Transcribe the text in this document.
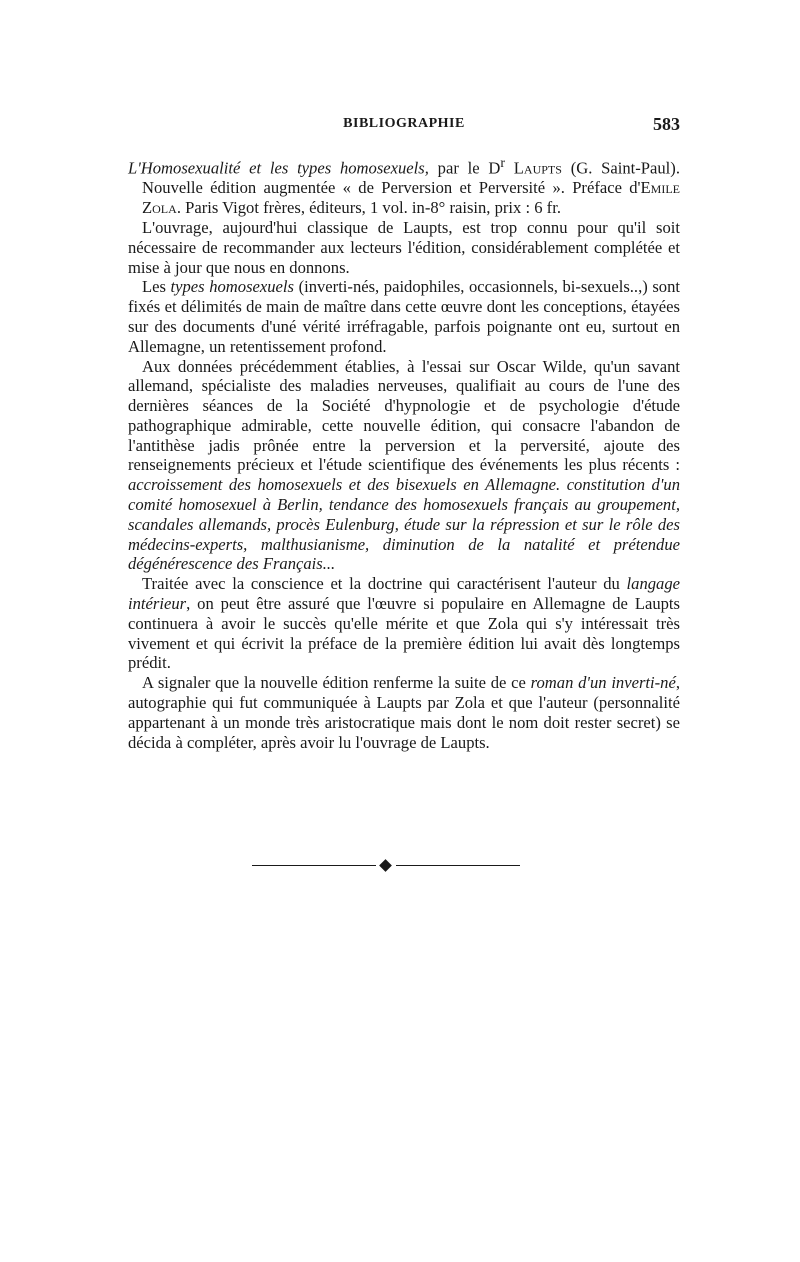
BIBLIOGRAPHIE	583

L'Homosexualité et les types homosexuels, par le $D^r$ Laupts (G. Saint-Paul). Nouvelle édition augmentée « de Perversion et Perversité ». Préface d'Emile Zola. Paris Vigot frères, éditeurs, 1 vol. in-8° raisin, prix : 6 fr.

L'ouvrage, aujourd'hui classique de Laupts, est trop connu pour qu'il soit nécessaire de recommander aux lecteurs l'édition, considérablement complétée et mise à jour que nous en donnons.

Les types homosexuels (inverti-nés, paidophiles, occasionnels, bi-sexuels..,) sont fixés et délimités de main de maître dans cette œuvre dont les conceptions, étayées sur des documents d'uné vérité irréfragable, parfois poignante ont eu, surtout en Allemagne, un retentissement profond.

Aux données précédemment établies, à l'essai sur Oscar Wilde, qu'un savant allemand, spécialiste des maladies nerveuses, qualifiait au cours de l'une des dernières séances de la Société d'hypnologie et de psychologie d'étude pathographique admirable, cette nouvelle édition, qui consacre l'abandon de l'antithèse jadis prônée entre la perversion et la perversité, ajoute des renseignements précieux et l'étude scientifique des événements les plus récents : accroissement des homosexuels et des bisexuels en Allemagne. constitution d'un comité homosexuel à Berlin, tendance des homosexuels français au groupement, scandales allemands, procès Eulenburg, étude sur la répression et sur le rôle des médecins-experts, malthusianisme, diminution de la natalité et prétendue dégénérescence des Français...

Traitée avec la conscience et la doctrine qui caractérisent l'auteur du langage intérieur, on peut être assuré que l'œuvre si populaire en Allemagne de Laupts continuera à avoir le succès qu'elle mérite et que Zola qui s'y intéressait très vivement et qui écrivit la préface de la première édition lui avait dès longtemps prédit.

A signaler que la nouvelle édition renferme la suite de ce roman d'un inverti-né, autographie qui fut communiquée à Laupts par Zola et que l'auteur (personnalité appartenant à un monde très aristocratique mais dont le nom doit rester secret) se décida à compléter, après avoir lu l'ouvrage de Laupts.
